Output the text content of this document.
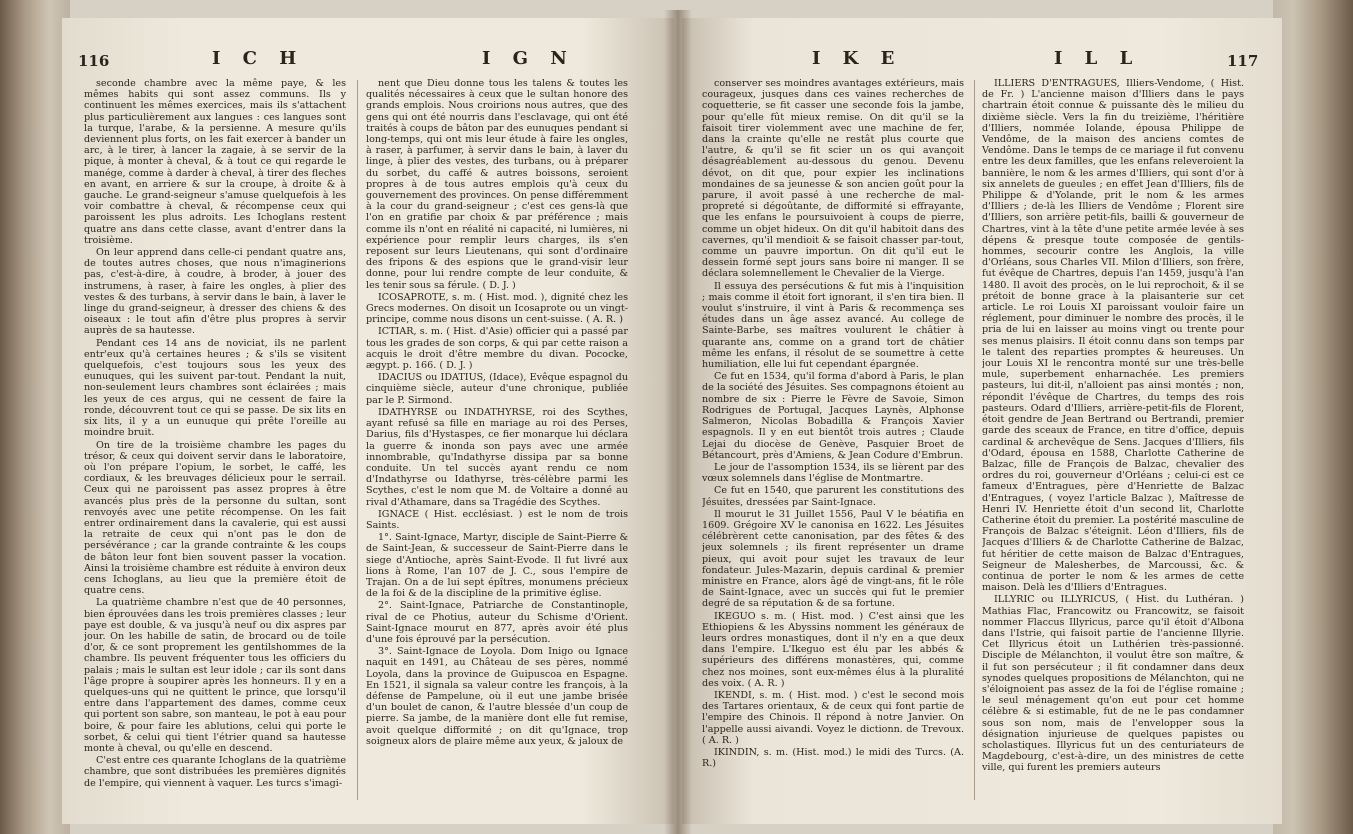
116	I C H	I G N

seconde chambre avec la même paye, & les mêmes habits qui sont assez communs. Ils y continuent les mêmes exercices, mais ils s'attachent plus particulièrement aux langues : ces langues sont la turque, l'arabe, & la persienne. A mesure qu'ils deviennent plus forts, on les fait exercer à bander un arc, à le tirer, à lancer la zagaie, à se servir de la pique, à monter à cheval, & à tout ce qui regarde le manége, comme à darder à cheval, à tirer des fleches en avant, en arriere & sur la croupe, à droite & à gauche. Le grand-seigneur s'amuse quelquefois à les voir combattre à cheval, & récompense ceux qui paroissent les plus adroits. Les Ichoglans restent quatre ans dans cette classe, avant d'entrer dans la troisième.

On leur apprend dans celle-ci pendant quatre ans, de toutes autres choses, que nous n'imaginerions pas, c'est-à-dire, à coudre, à broder, à jouer des instrumens, à raser, à faire les ongles, à plier des vestes & des turbans, à servir dans le bain, à laver le linge du grand-seigneur, à dresser des chiens & des oiseaux : le tout afin d'être plus propres à servir auprès de sa hautesse.

Pendant ces 14 ans de noviciat, ils ne parlent entr'eux qu'à certaines heures ; & s'ils se visitent quelquefois, c'est toujours sous les yeux des eunuques, qui les suivent par-tout. Pendant la nuit, non-seulement leurs chambres sont éclairées ; mais les yeux de ces argus, qui ne cessent de faire la ronde, découvrent tout ce qui se passe. De six lits en six lits, il y a un eunuque qui prête l'oreille au moindre bruit.

On tire de la troisième chambre les pages du trésor, & ceux qui doivent servir dans le laboratoire, où l'on prépare l'opium, le sorbet, le caffé, les cordiaux, & les breuvages délicieux pour le serrail. Ceux qui ne paroissent pas assez propres à être avancés plus près de la personne du sultan, sont renvoyés avec une petite récompense. On les fait entrer ordinairement dans la cavalerie, qui est aussi la retraite de ceux qui n'ont pas le don de persévérance ; car la grande contrainte & les coups de bâton leur font bien souvent passer la vocation. Ainsi la troisième chambre est réduite à environ deux cens Ichoglans, au lieu que la première étoit de quatre cens.

La quatrième chambre n'est que de 40 personnes, bien éprouvées dans les trois premières classes ; leur paye est double, & va jusqu'à neuf ou dix aspres par jour. On les habille de satin, de brocard ou de toile d'or, & ce sont proprement les gentilshommes de la chambre. Ils peuvent fréquenter tous les officiers du palais ; mais le sultan est leur idole ; car ils sont dans l'âge propre à soupirer après les honneurs. Il y en a quelques-uns qui ne quittent le prince, que lorsqu'il entre dans l'appartement des dames, comme ceux qui portent son sabre, son manteau, le pot à eau pour boire, & pour faire les ablutions, celui qui porte le sorbet, & celui qui tient l'étrier quand sa hautesse monte à cheval, ou qu'elle en descend.

C'est entre ces quarante Ichoglans de la quatrième chambre, que sont distribuées les premières dignités de l'empire, qui viennent à vaquer. Les turcs s'imagi-

nent que Dieu donne tous les talens & toutes les qualités nécessaires à ceux que le sultan honore des grands emplois. Nous croirions nous autres, que des gens qui ont été nourris dans l'esclavage, qui ont été traités à coups de bâton par des eunuques pendant si long-temps, qui ont mis leur étude à faire les ongles, à raser, à parfumer, à servir dans le bain, à laver du linge, à plier des vestes, des turbans, ou à préparer du sorbet, du caffé & autres boissons, seroient propres à de tous autres emplois qu'à ceux du gouvernement des provinces. On pense différemment à la cour du grand-seigneur ; c'est ces gens-là que l'on en gratifie par choix & par préférence ; mais comme ils n'ont en réalité ni capacité, ni lumières, ni expérience pour remplir leurs charges, ils s'en reposent sur leurs Lieutenans, qui sont d'ordinaire des fripons & des espions que le grand-visir leur donne, pour lui rendre compte de leur conduite, & les tenir sous sa férule. ( D. J. )

ICOSAPROTE, s. m. ( Hist. mod. ), dignité chez les Grecs modernes. On disoit un Icosaprote ou un vingt-principe, comme nous disons un cent-suisse. ( A. R. )

ICTIAR, s. m. ( Hist. d'Asie) officier qui a passé par tous les grades de son corps, & qui par cette raison a acquis le droit d'être membre du divan. Pococke, ægypt. p. 166. ( D. J. )

IDACIUS ou IDATIUS, (Idace), Evêque espagnol du cinquième siècle, auteur d'une chronique, publiée par le P. Sirmond.

IDATHYRSE ou INDATHYRSE, roi des Scythes, ayant refusé sa fille en mariage au roi des Perses, Darius, fils d'Hystaspes, ce fier monarque lui déclara la guerre & inonda son pays avec une armée innombrable, qu'Indathyrse dissipa par sa bonne conduite. Un tel succès ayant rendu ce nom d'Indathyrse ou Idathyrse, très-célèbre parmi les Scythes, c'est le nom que M. de Voltaire a donné au rival d'Athamare, dans sa Tragédie des Scythes.

IGNACE ( Hist. ecclésiast. ) est le nom de trois Saints.

1°. Saint-Ignace, Martyr, disciple de Saint-Pierre & de Saint-Jean, & successeur de Saint-Pierre dans le siege d'Antioche, après Saint-Evode. Il fut livré aux lions à Rome, l'an 107 de J. C., sous l'empire de Trajan. On a de lui sept épîtres, monumens précieux de la foi & de la discipline de la primitive église.

2°. Saint-Ignace, Patriarche de Constantinople, rival de ce Photius, auteur du Schisme d'Orient. Saint-Ignace mourut en 877, après avoir été plus d'une fois éprouvé par la persécution.

3°. Saint-Ignace de Loyola. Dom Inigo ou Ignace naquit en 1491, au Château de ses pères, nommé Loyola, dans la province de Guipuscoa en Espagne. En 1521, il signala sa valeur contre les françois, à la défense de Pampelune, où il eut une jambe brisée d'un boulet de canon, & l'autre blessée d'un coup de pierre. Sa jambe, de la manière dont elle fut remise, avoit quelque difformité ; on dit qu'Ignace, trop soigneux alors de plaire même aux yeux, & jaloux de

I K E	I L L	117

conserver ses moindres avantages extérieurs, mais courageux, jusques dans ces vaines recherches de coquetterie, se fit casser une seconde fois la jambe, pour qu'elle fût mieux remise. On dit qu'il se la faisoit tirer violemment avec une machine de fer, dans la crainte qu'elle ne restât plus courte que l'autre, & qu'il se fit scier un os qui avançoit désagréablement au-dessous du genou. Devenu dévot, on dit que, pour expier les inclinations mondaines de sa jeunesse & son ancien goût pour la parure, il avoit passé à une recherche de mal-propreté si dégoûtante, de difformité si effrayante, que les enfans le poursuivoient à coups de pierre, comme un objet hideux. On dit qu'il habitoit dans des cavernes, qu'il mendioit & se faisoit chasser par-tout, comme un pauvre importun. On dit qu'il eut le dessein formé sept jours sans boire ni manger. Il se déclara solemnellement le Chevalier de la Vierge.

Il essuya des persécutions & fut mis à l'inquisition ; mais comme il étoit fort ignorant, il s'en tira bien. Il voulut s'instruire, il vint à Paris & recommença ses études dans un âge assez avancé. Au college de Sainte-Barbe, ses maîtres voulurent le châtier à quarante ans, comme on a grand tort de châtier même les enfans, il résolut de se soumettre à cette humiliation, elle lui fut cependant épargnée.

Ce fut en 1534, qu'il forma d'abord à Paris, le plan de la société des Jésuites. Ses compagnons étoient au nombre de six : Pierre le Fèvre de Savoie, Simon Rodrigues de Portugal, Jacques Laynès, Alphonse Salmeron, Nicolas Bobadilla & François Xavier espagnols. Il y en eut bientôt trois autres ; Claude Lejai du diocèse de Genève, Pasquier Broet de Bétancourt, près d'Amiens, & Jean Codure d'Embrun.

Le jour de l'assomption 1534, ils se lièrent par des vœux solemnels dans l'église de Montmartre.

Ce fut en 1540, que parurent les constitutions des Jésuites, dressées par Saint-Ignace.

Il mourut le 31 Juillet 1556, Paul V le béatifia en 1609. Grégoire XV le canonisa en 1622. Les Jésuites célébrèrent cette canonisation, par des fêtes & des jeux solemnels ; ils firent représenter un drame pieux, qui avoit pour sujet les travaux de leur fondateur. Jules-Mazarin, depuis cardinal & premier ministre en France, alors âgé de vingt-ans, fit le rôle de Saint-Ignace, avec un succès qui fut le premier degré de sa réputation & de sa fortune.

IKEGUO s. m. ( Hist. mod. ) C'est ainsi que les Ethiopiens & les Abyssins nomment les généraux de leurs ordres monastiques, dont il n'y en a que deux dans l'empire. L'Ikeguo est élu par les abbés & supérieurs des différens monastères, qui, comme chez nos moines, sont eux-mêmes élus à la pluralité des voix. ( A. R. )

IKENDI, s. m. ( Hist. mod. ) c'est le second mois des Tartares orientaux, & de ceux qui font partie de l'empire des Chinois. Il répond à notre Janvier. On l'appelle aussi aivandi. Voyez le dictionn. de Trevoux. ( A. R. )

IKINDIN, s. m. (Hist. mod.) le midi des Turcs. (A. R.)

ILLIERS D'ENTRAGUES, Illiers-Vendome, ( Hist. de Fr. ) L'ancienne maison d'Illiers dans le pays chartrain étoit connue & puissante dès le milieu du dixième siècle. Vers la fin du treizième, l'héritière d'Illiers, nommée Iolande, épousa Philippe de Vendôme, de la maison des anciens comtes de Vendôme. Dans le temps de ce mariage il fut convenu entre les deux familles, que les enfans releveroient la bannière, le nom & les armes d'Illiers, qui sont d'or à six annelets de gueules ; en effet Jean d'Illiers, fils de Philippe & d'Yolande, prit le nom & les armes d'Illiers ; de-là les Illiers de Vendôme ; Florent sire d'Illiers, son arrière petit-fils, bailli & gouverneur de Chartres, vint à la tête d'une petite armée levée à ses dépens & presque toute composée de gentils-hommes, secourir contre les Anglois, la ville d'Orléans, sous Charles VII. Milon d'Illiers, son frère, fut évêque de Chartres, depuis l'an 1459, jusqu'à l'an 1480. Il avoit des procès, on le lui reprochoit, & il se prétoit de bonne grace à la plaisanterie sur cet article. Le roi Louis XI paroissant vouloir faire un réglement, pour diminuer le nombre des procès, il le pria de lui en laisser au moins vingt ou trente pour ses menus plaisirs. Il étoit connu dans son temps par le talent des reparties promptes & heureuses. Un jour Louis XI le rencontra monté sur une très-belle mule, superbement enharnachée. Les premiers pasteurs, lui dit-il, n'alloient pas ainsi montés ; non, répondit l'évêque de Chartres, du temps des rois pasteurs. Odard d'Illiers, arrière-petit-fils de Florent, étoit gendre de Jean Bertrand ou Bertrandi, premier garde des sceaux de France, en titre d'office, depuis cardinal & archevêque de Sens. Jacques d'Illiers, fils d'Odard, épousa en 1588, Charlotte Catherine de Balzac, fille de François de Balzac, chevalier des ordres du roi, gouverneur d'Orléans ; celui-ci est ce fameux d'Entragues, père d'Henriette de Balzac d'Entragues, ( voyez l'article Balzac ), Maîtresse de Henri IV. Henriette étoit d'un second lit, Charlotte Catherine étoit du premier. La postérité masculine de François de Balzac s'éteignit. Léon d'Illiers, fils de Jacques d'Illiers & de Charlotte Catherine de Balzac, fut héritier de cette maison de Balzac d'Entragues, Seigneur de Malesherbes, de Marcoussi, &c. & continua de porter le nom & les armes de cette maison. Delà les d'Illiers d'Entragues.

ILLYRIC ou ILLYRICUS, ( Hist. du Luthéran. ) Mathias Flac, Francowitz ou Francowitz, se faisoit nommer Flaccus Illyricus, parce qu'il étoit d'Albona dans l'Istrie, qui faisoit partie de l'ancienne Illyrie. Cet Illyricus étoit un Luthérien très-passionné. Disciple de Mélanchton, il voulut être son maître, & il fut son persécuteur ; il fit condamner dans deux synodes quelques propositions de Mélanchton, qui ne s'éloignoient pas assez de la foi de l'église romaine ; le seul ménagement qu'on eut pour cet homme célèbre & si estimable, fut de ne le pas condamner sous son nom, mais de l'envelopper sous la désignation injurieuse de quelques papistes ou scholastiques. Illyricus fut un des centuriateurs de Magdebourg, c'est-à-dire, un des ministres de cette ville, qui furent les premiers auteurs
